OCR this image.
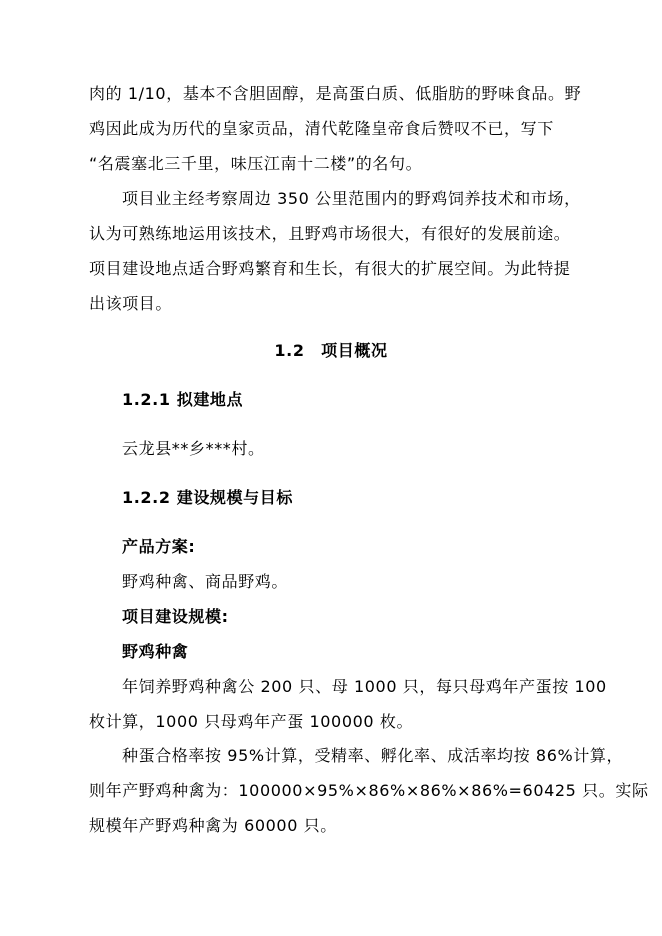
肉的 1/10，基本不含胆固醇，是高蛋白质、低脂肪的野味食品。野
鸡因此成为历代的皇家贡品，清代乾隆皇帝食后赞叹不已，写下
“名震塞北三千里，味压江南十二楼”的名句。
项目业主经考察周边 350 公里范围内的野鸡饲养技术和市场，
认为可熟练地运用该技术，且野鸡市场很大，有很好的发展前途。
项目建设地点适合野鸡繁育和生长，有很大的扩展空间。为此特提
出该项目。
1.2　项目概况
1.2.1 拟建地点
云龙县**乡***村。
1.2.2 建设规模与目标
产品方案:
野鸡种禽、商品野鸡。
项目建设规模:
野鸡种禽
年饲养野鸡种禽公 200 只、母 1000 只，每只母鸡年产蛋按 100
枚计算，1000 只母鸡年产蛋 100000 枚。
种蛋合格率按 95%计算，受精率、孵化率、成活率均按 86%计算，
则年产野鸡种禽为：100000×95%×86%×86%×86%=60425 只。实际
规模年产野鸡种禽为 60000 只。
